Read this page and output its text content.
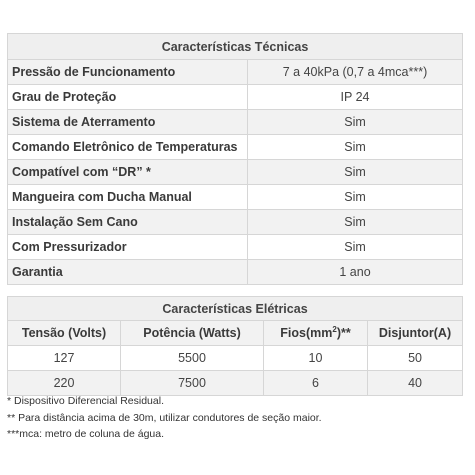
Características Técnicas	
Pressão de Funcionamento	7 a 40kPa (0,7 a 4mca***)
Grau de Proteção	IP 24
Sistema de Aterramento	Sim
Comando Eletrônico de Temperaturas	Sim
Compatível com “DR” *	Sim
Mangueira com Ducha Manual	Sim
Instalação Sem Cano	Sim
Com Pressurizador	Sim
Garantia	1 ano
Características Elétricas			
Tensão (Volts)	Potência (Watts)	$Fios(mm^2)**$	Disjuntor(A)
127	5500	10	50
220	7500	6	40
* Dispositivo Diferencial Residual.
** Para distância acima de 30m, utilizar condutores de seção maior.
***mca: metro de coluna de água.
